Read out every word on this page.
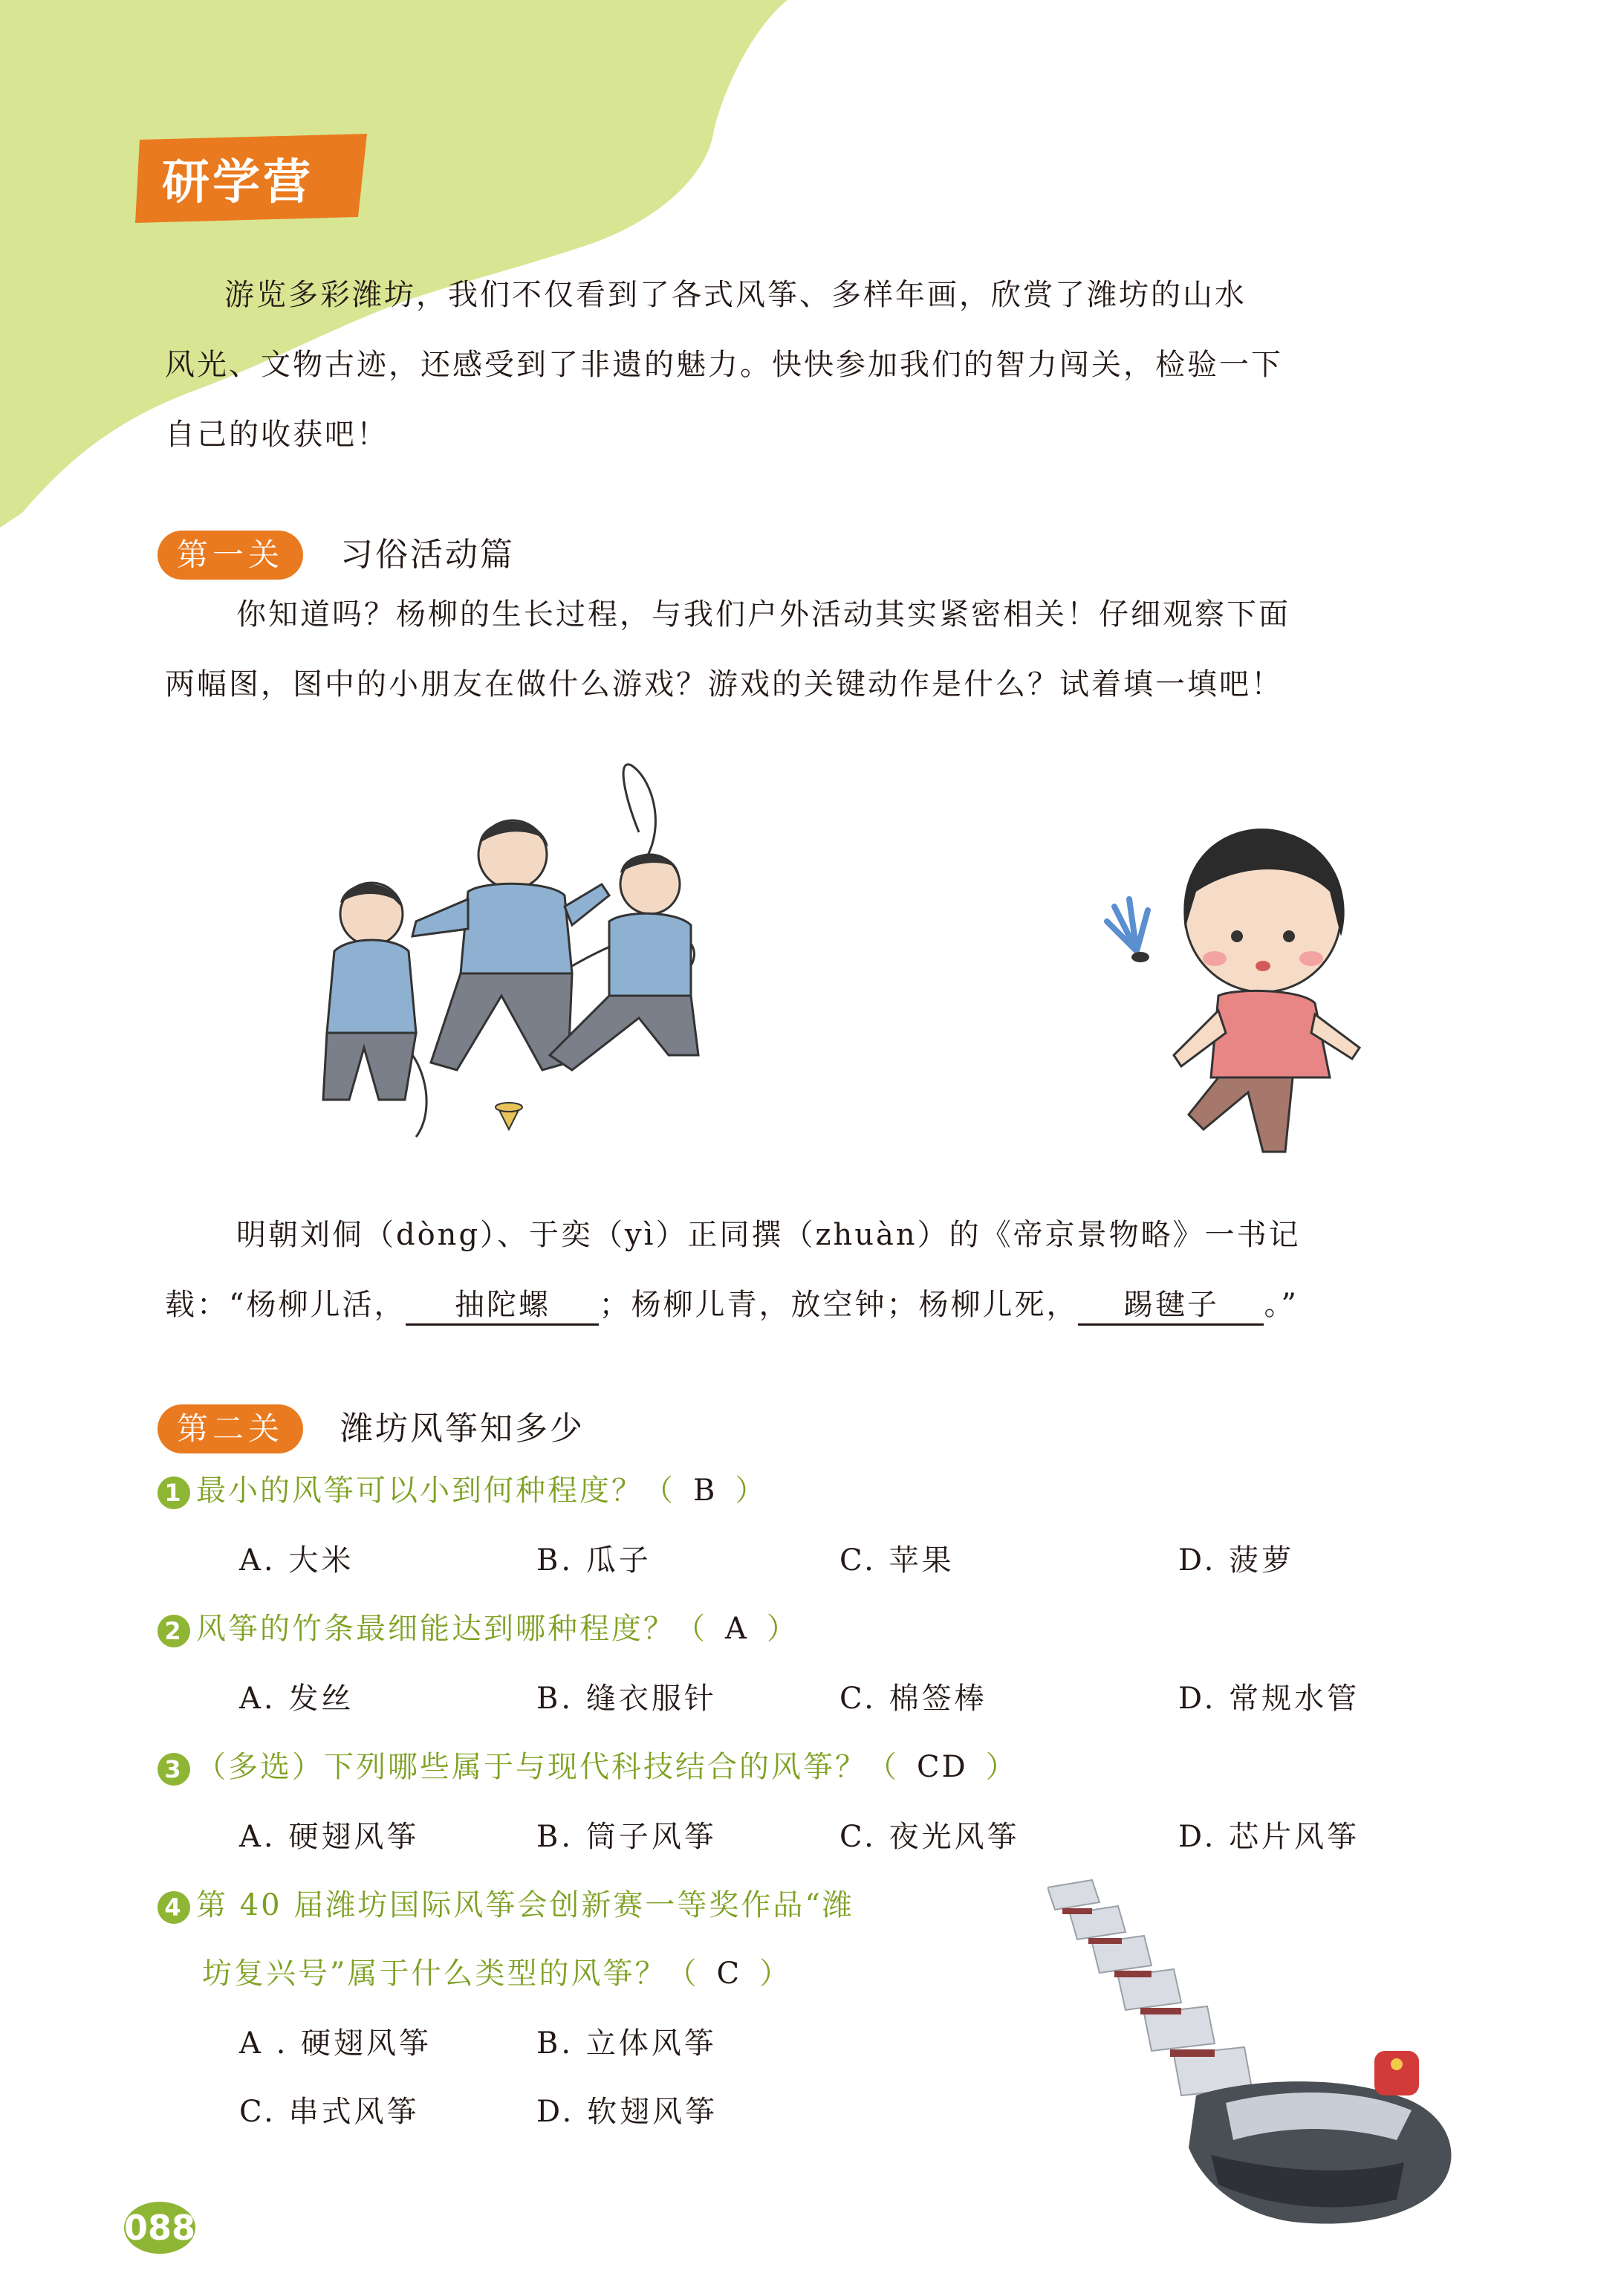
研学营
游览多彩潍坊，我们不仅看到了各式风筝、多样年画，欣赏了潍坊的山水
风光、文物古迹，还感受到了非遗的魅力。快快参加我们的智力闯关，检验一下
自己的收获吧！
第一关	习俗活动篇
你知道吗？杨柳的生长过程，与我们户外活动其实紧密相关！仔细观察下面
两幅图，图中的小朋友在做什么游戏？游戏的关键动作是什么？试着填一填吧！
明朝刘侗（dòng）、于奕（yì）正同撰（zhuàn）的《帝京景物略》一书记
载：“杨柳儿活， 抽陀螺 ；杨柳儿青，放空钟；杨柳儿死， 踢毽子 。”
第二关	潍坊风筝知多少
1 最小的风筝可以小到何种程度？（ B ）
A. 大米	B. 瓜子	C. 苹果	D. 菠萝
2 风筝的竹条最细能达到哪种程度？（ A ）
A. 发丝	B. 缝衣服针	C. 棉签棒	D. 常规水管
3 （多选）下列哪些属于与现代科技结合的风筝？（ CD ）
A. 硬翅风筝	B. 筒子风筝	C. 夜光风筝	D. 芯片风筝
4 第 40 届潍坊国际风筝会创新赛一等奖作品“潍
坊复兴号”属于什么类型的风筝？（ C ）
A . 硬翅风筝	B. 立体风筝
C. 串式风筝	D. 软翅风筝
088
